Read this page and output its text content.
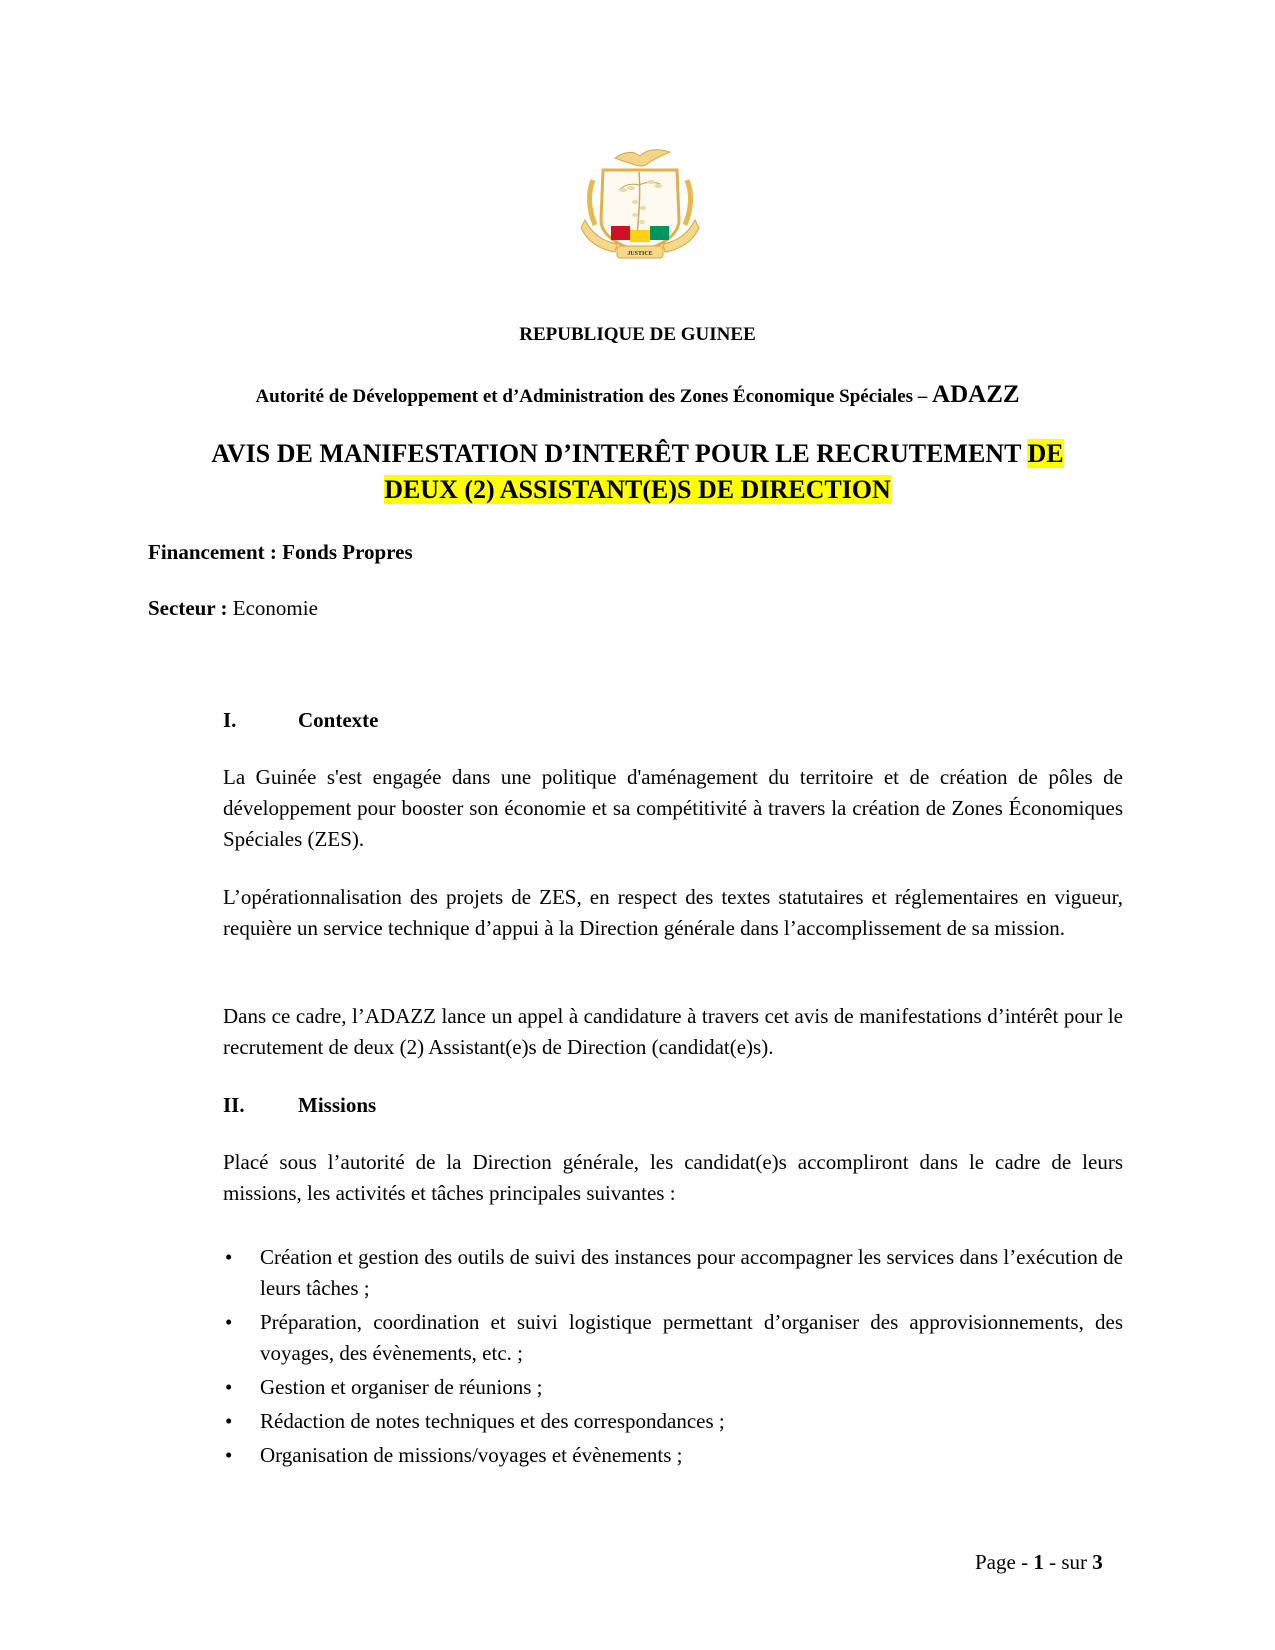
JUSTICE
REPUBLIQUE DE GUINEE
Autorité de Développement et d’Administration des Zones Économique Spéciales – ADAZZ
AVIS DE MANIFESTATION D’INTERÊT POUR LE RECRUTEMENT DE
DEUX (2) ASSISTANT(E)S DE DIRECTION
Financement : Fonds Propres
Secteur : Economie
I.	Contexte
La Guinée s'est engagée dans une politique d'aménagement du territoire et de création de pôles de développement pour booster son économie et sa compétitivité à travers la création de Zones Économiques Spéciales (ZES).
L’opérationnalisation des projets de ZES, en respect des textes statutaires et réglementaires en vigueur, requière un service technique d’appui à la Direction générale dans l’accomplissement de sa mission.
Dans ce cadre, l’ADAZZ lance un appel à candidature à travers cet avis de manifestations d’intérêt pour le recrutement de deux (2) Assistant(e)s de Direction (candidat(e)s).
II.	Missions
Placé sous l’autorité de la Direction générale, les candidat(e)s accompliront dans le cadre de leurs missions, les activités et tâches principales suivantes :
• Création et gestion des outils de suivi des instances pour accompagner les services dans l’exécution de leurs tâches ;
• Préparation, coordination et suivi logistique permettant d’organiser des approvisionnements, des voyages, des évènements, etc. ;
• Gestion et organiser de réunions ;
• Rédaction de notes techniques et des correspondances ;
• Organisation de missions/voyages et évènements ;
Page - 1 - sur 3
